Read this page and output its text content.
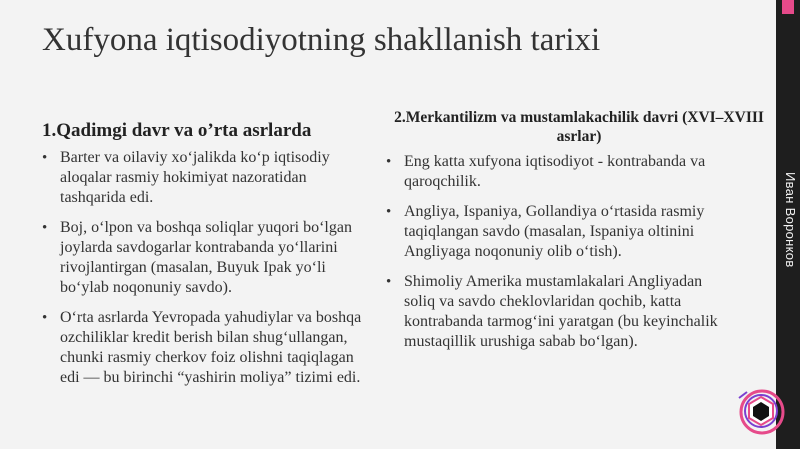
Xufyona iqtisodiyotning shakllanish tarixi
1.Qadimgi davr va o’rta asrlarda
• Barter va oilaviy xoʻjalikda koʻp iqtisodiy aloqalar rasmiy hokimiyat nazoratidan tashqarida edi.
• Boj, oʻlpon va boshqa soliqlar yuqori boʻlgan joylarda savdogarlar kontrabanda yoʻllarini rivojlantirgan (masalan, Buyuk Ipak yoʻli boʻylab noqonuniy savdo).
• Oʻrta asrlarda Yevropada yahudiylar va boshqa ozchiliklar kredit berish bilan shugʻullangan, chunki rasmiy cherkov foiz olishni taqiqlagan edi — bu birinchi “yashirin moliya” tizimi edi.
2.Merkantilizm va mustamlakachilik davri (XVI–XVIII asrlar)
• Eng katta xufyona iqtisodiyot - kontrabanda va qaroqchilik.
• Angliya, Ispaniya, Gollandiya oʻrtasida rasmiy taqiqlangan savdo (masalan, Ispaniya oltinini Angliyaga noqonuniy olib oʻtish).
• Shimoliy Amerika mustamlakalari Angliyadan soliq va savdo cheklovlaridan qochib, katta kontrabanda tarmogʻini yaratgan (bu keyinchalik mustaqillik urushiga sabab boʻlgan).
Иван Воронков
